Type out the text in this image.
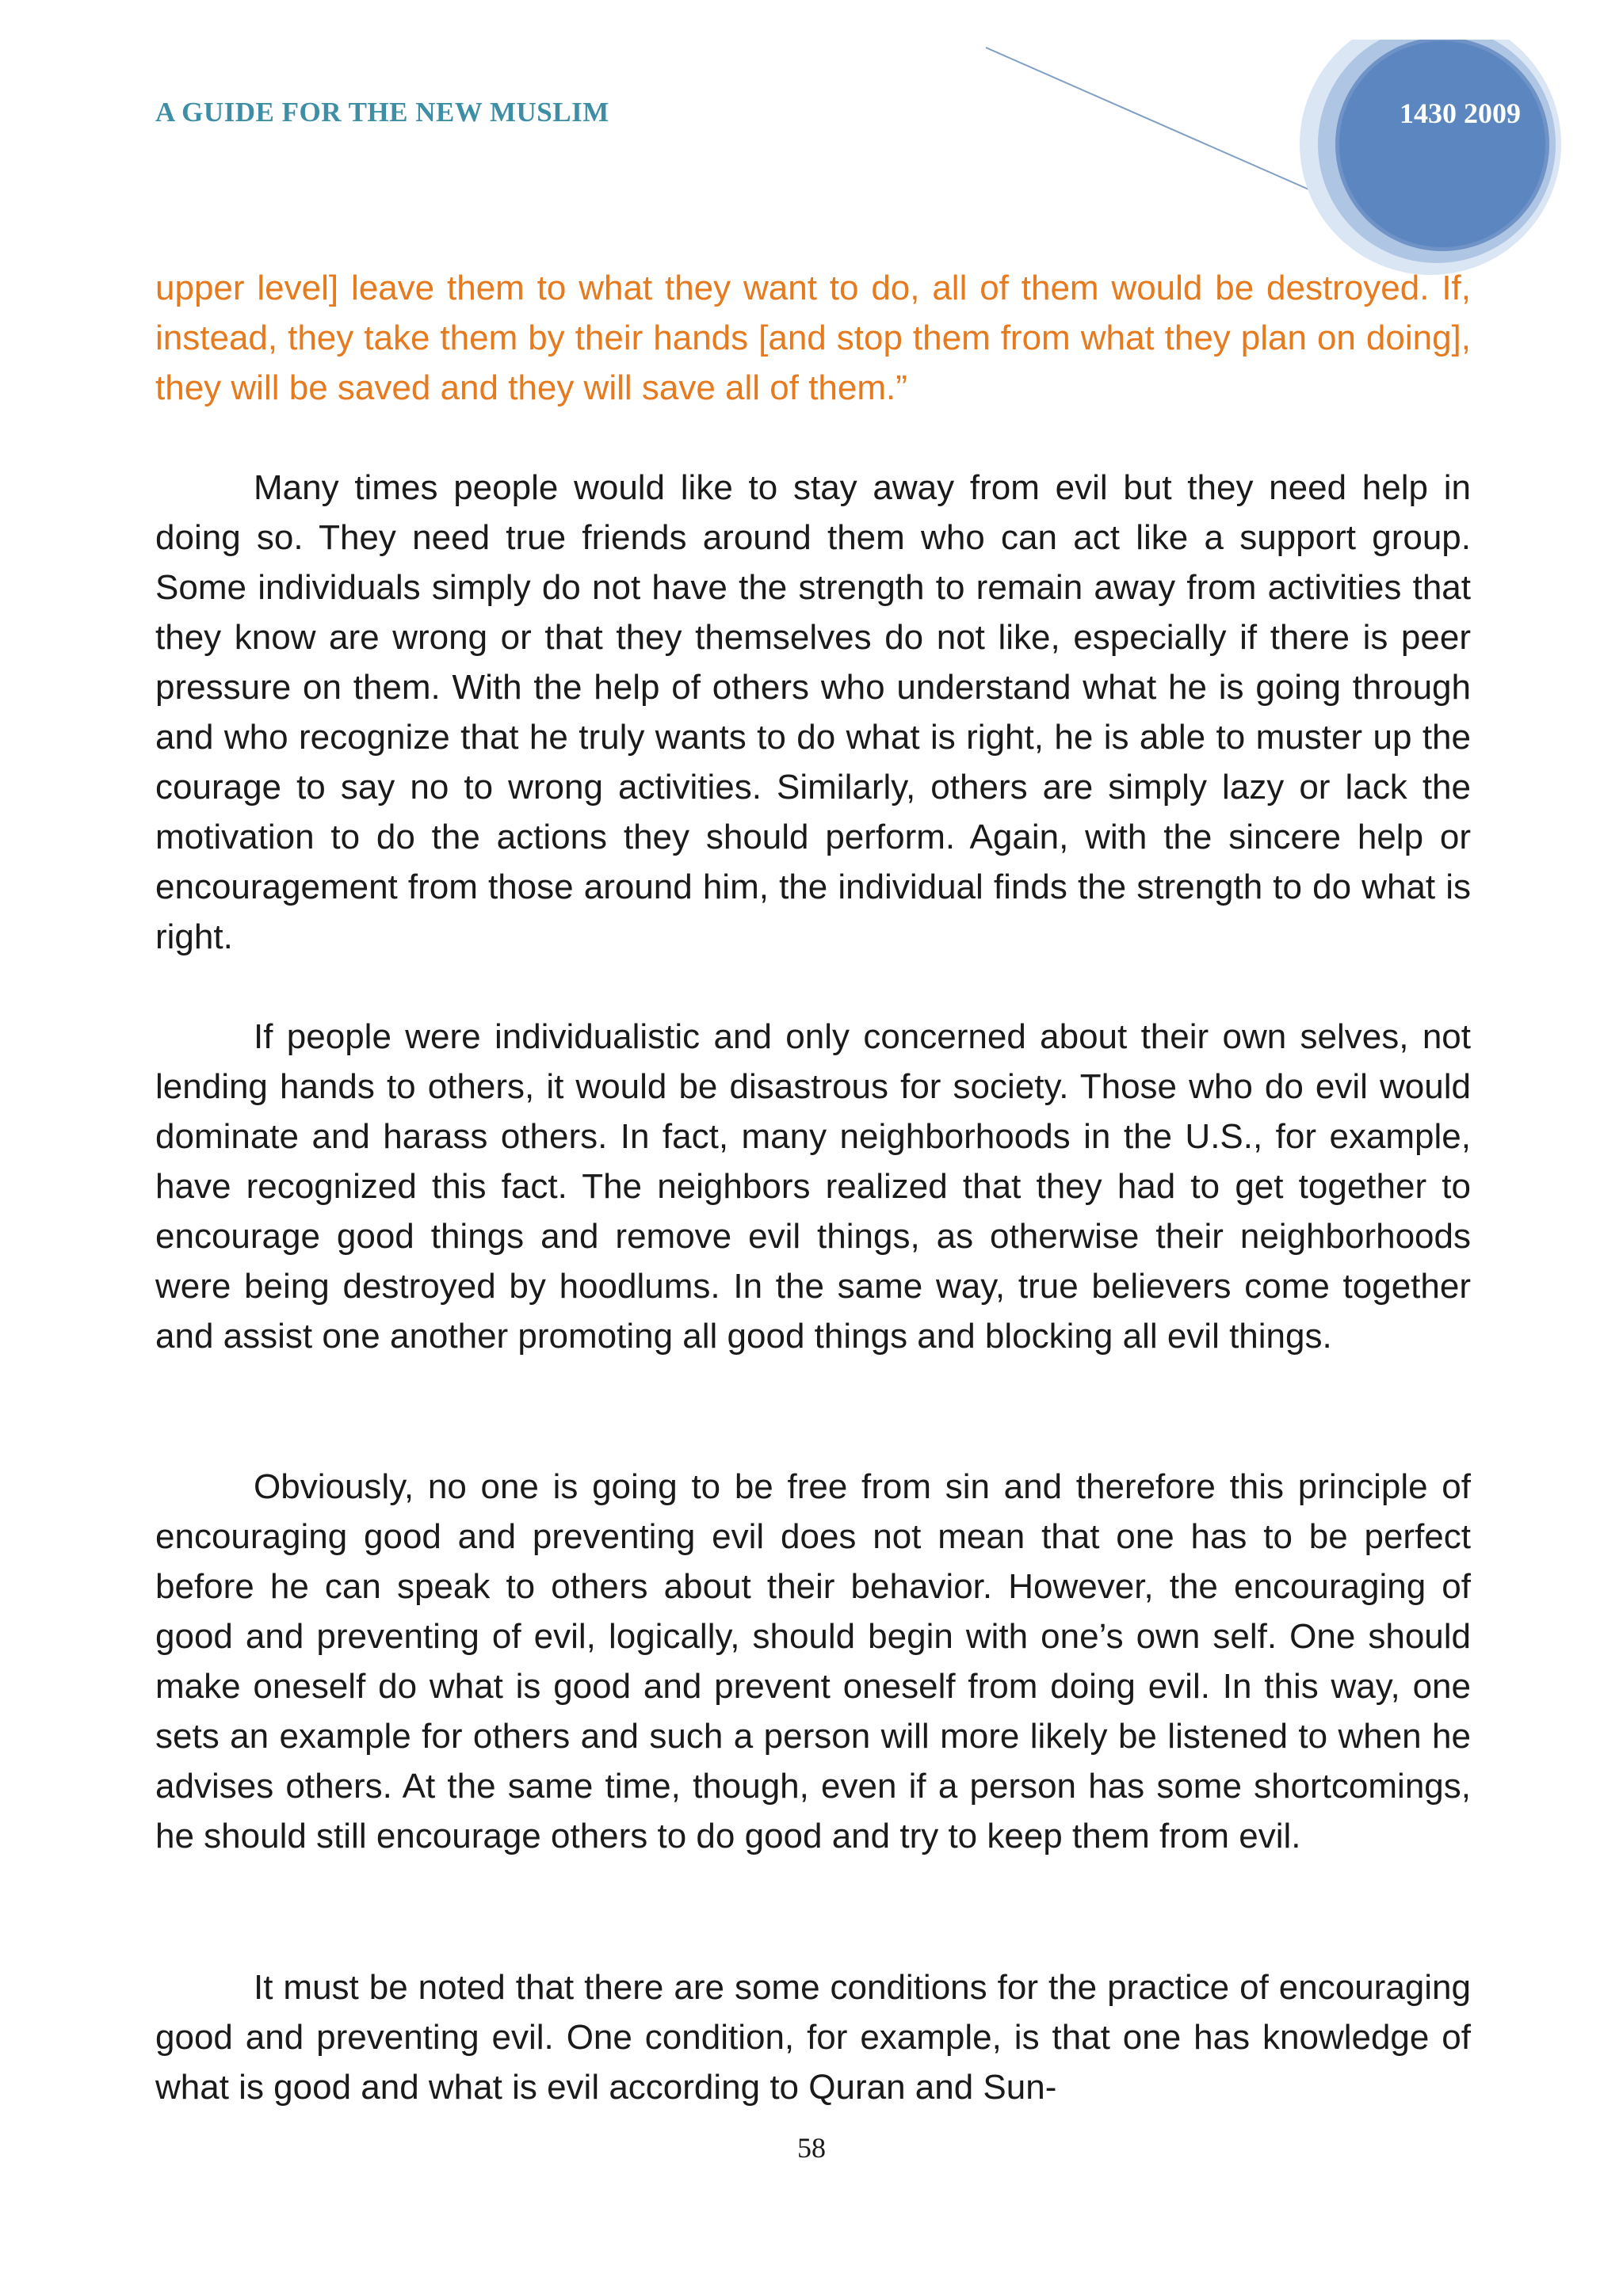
A GUIDE FOR THE NEW MUSLIM	1430 2009

upper level] leave them to what they want to do, all of them would be destroyed. If, instead, they take them by their hands [and stop them from what they plan on doing], they will be saved and they will save all of them.”

Many times people would like to stay away from evil but they need help in doing so. They need true friends around them who can act like a support group. Some individuals simply do not have the strength to remain away from activities that they know are wrong or that they themselves do not like, especially if there is peer pressure on them. With the help of others who understand what he is going through and who recognize that he truly wants to do what is right, he is able to muster up the courage to say no to wrong activities. Similarly, others are simply lazy or lack the motivation to do the actions they should perform. Again, with the sincere help or encouragement from those around him, the individual finds the strength to do what is right.

If people were individualistic and only concerned about their own selves, not lending hands to others, it would be disastrous for society. Those who do evil would dominate and harass others. In fact, many neighborhoods in the U.S., for example, have recognized this fact. The neighbors realized that they had to get together to encourage good things and remove evil things, as otherwise their neighborhoods were being destroyed by hoodlums. In the same way, true believers come together and assist one another promoting all good things and blocking all evil things.

Obviously, no one is going to be free from sin and therefore this principle of encouraging good and preventing evil does not mean that one has to be perfect before he can speak to others about their behavior. However, the encouraging of good and preventing of evil, logically, should begin with one’s own self. One should make oneself do what is good and prevent oneself from doing evil. In this way, one sets an example for others and such a person will more likely be listened to when he advises others. At the same time, though, even if a person has some shortcomings, he should still encourage others to do good and try to keep them from evil.

It must be noted that there are some conditions for the practice of encouraging good and preventing evil. One condition, for example, is that one has knowledge of what is good and what is evil according to Quran and Sun-

58
